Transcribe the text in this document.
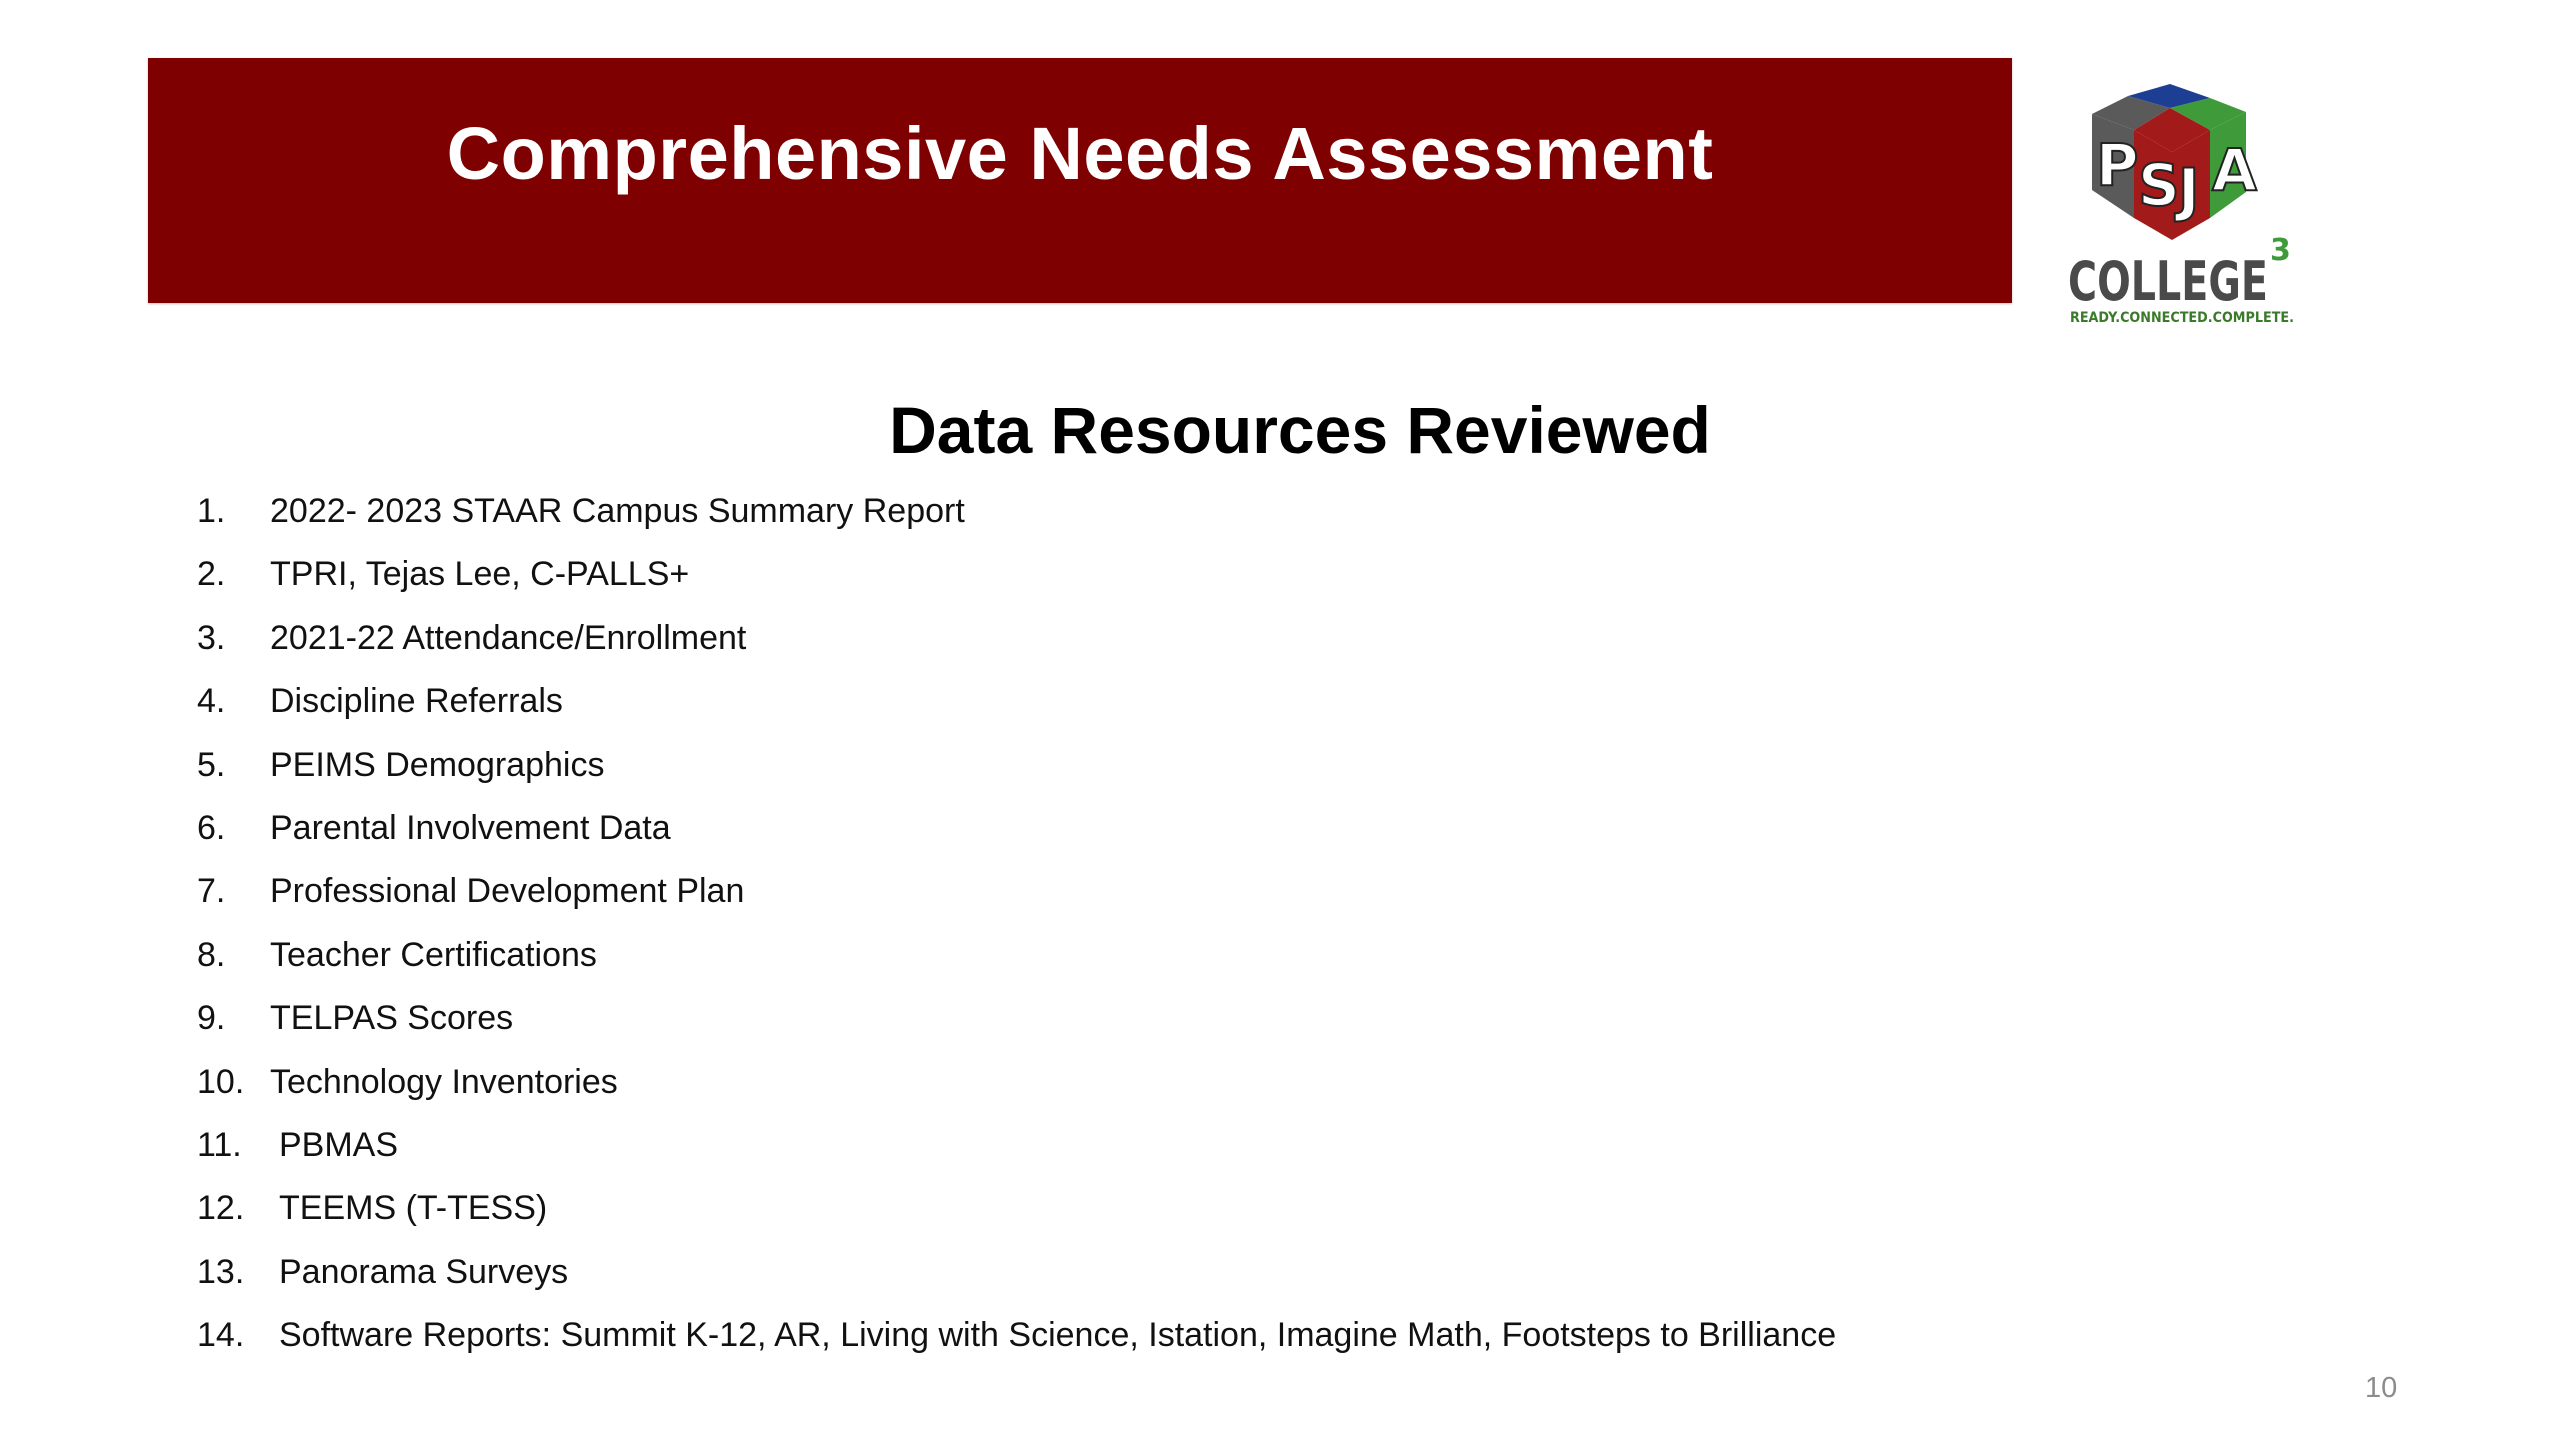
Comprehensive Needs Assessment	P S
J A
COLLEGE 3
READY.CONNECTED.COMPLETE.
Data Resources Reviewed
1. 2022- 2023 STAAR Campus Summary Report
2. TPRI, Tejas Lee, C-PALLS+
3. 2021-22 Attendance/Enrollment
4. Discipline Referrals
5. PEIMS Demographics
6. Parental Involvement Data
7. Professional Development Plan
8. Teacher Certifications
9. TELPAS Scores
10. Technology Inventories
11. PBMAS
12. TEEMS (T-TESS)
13. Panorama Surveys
14. Software Reports: Summit K-12, AR, Living with Science, Istation, Imagine Math, Footsteps to Brilliance
10
